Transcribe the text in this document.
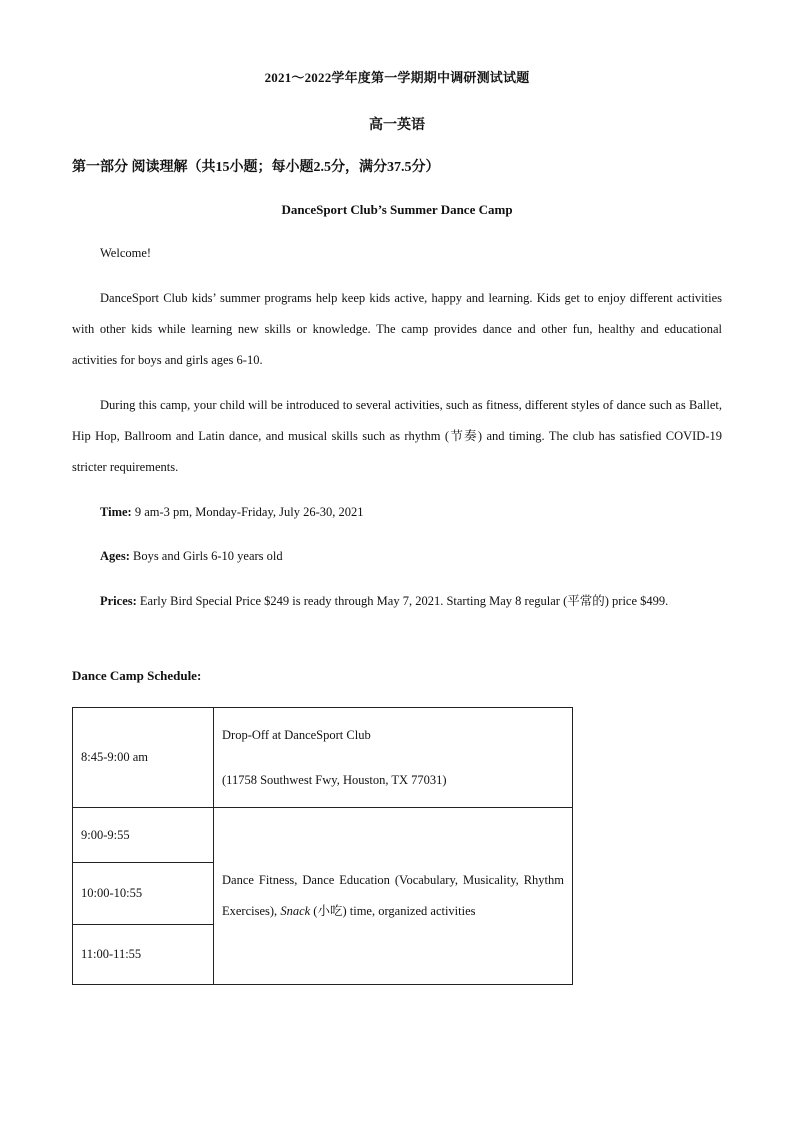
2021～2022学年度第一学期期中调研测试试题
高一英语
第一部分 阅读理解（共15小题；每小题2.5分，满分37.5分）
DanceSport Club’s Summer Dance Camp

Welcome!

DanceSport Club kids’ summer programs help keep kids active, happy and learning. Kids get to enjoy different activities with other kids while learning new skills or knowledge. The camp provides dance and other fun, healthy and educational activities for boys and girls ages 6-10.

During this camp, your child will be introduced to several activities, such as fitness, different styles of dance such as Ballet, Hip Hop, Ballroom and Latin dance, and musical skills such as rhythm (节奏) and timing. The club has satisfied COVID-19 stricter requirements.

Time: 9 am-3 pm, Monday-Friday, July 26-30, 2021

Ages: Boys and Girls 6-10 years old

Prices: Early Bird Special Price $249 is ready through May 7, 2021. Starting May 8 regular (平常的) price $499.

Dance Camp Schedule:
8:45-9:00 am	Drop-Off at DanceSport Club
(11758 Southwest Fwy, Houston, TX 77031)

9:00-9:55	Dance Fitness, Dance Education (Vocabulary, Musicality, Rhythm Exercises), Snack (小吃) time, organized activities
10:00-10:55	
11:00-11:55	
